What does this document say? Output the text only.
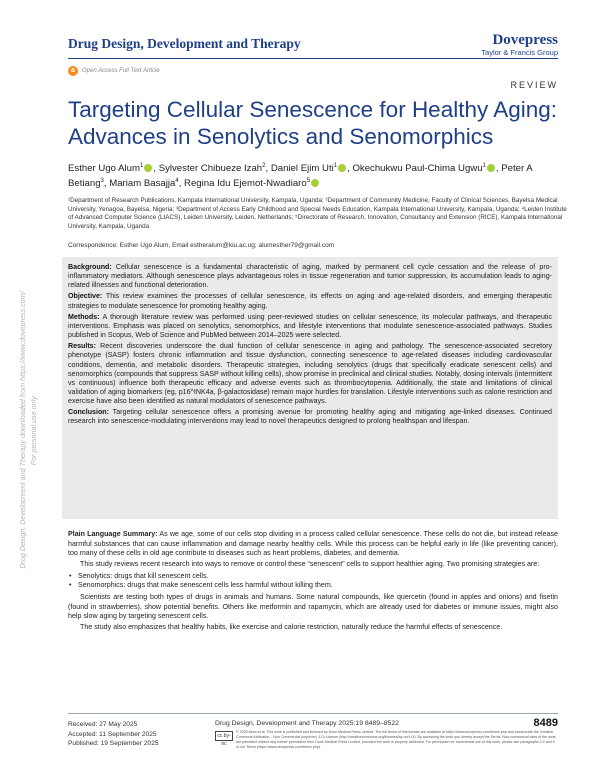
Drug Design, Development and Therapy	Dovepress
Taylor & Francis Group
a	Open Access Full Text Article
REVIEW
Targeting Cellular Senescence for Healthy Aging: Advances in Senolytics and Senomorphics
Esther Ugo Alum$^1$ , Sylvester Chibueze Izah$^2$, Daniel Ejim Uti$^1$ , Okechukwu Paul-Chima Ugwu$^1$ , Peter A Betiang$^3$, Mariam Basajja$^4$, Regina Idu Ejemot-Nwadiaro$^5$
¹Department of Research Publications, Kampala International University, Kampala, Uganda; ²Department of Community Medicine, Faculty of Clinical Sciences, Bayelsa Medical University, Yenagoa, Bayelsa, Nigeria; ³Department of Access Early Childhood and Special Needs Education, Kampala International University, Kampala, Uganda; ⁴Leiden Institute of Advanced Computer Science (LIACS), Leiden University, Leiden, Netherlands; ⁵Directorate of Research, Innovation, Consultancy and Extension (RICE), Kampala International University, Kampala, Uganda
Correspondence: Esther Ugo Alum, Email estheralum@kiu.ac.ug; alumesther79@gmail.com

Background: Cellular senescence is a fundamental characteristic of aging, marked by permanent cell cycle cessation and the release of pro-inflammatory mediators. Although senescence plays advantageous roles in tissue regeneration and tumor suppression, its accumulation leads to aging-related illnesses and functional deterioration.

Objective: This review examines the processes of cellular senescence, its effects on aging and age-related disorders, and emerging therapeutic strategies to modulate senescence for promoting healthy aging.

Methods: A thorough literature review was performed using peer-reviewed studies on cellular senescence, its molecular pathways, and therapeutic interventions. Emphasis was placed on senolytics, senomorphics, and lifestyle interventions that modulate senescence-associated pathways. Studies published in Scopus, Web of Science and PubMed between 2014–2025 were selected.

Results: Recent discoveries underscore the dual function of cellular senescence in aging and pathology. The senescence-associated secretory phenotype (SASP) fosters chronic inflammation and tissue dysfunction, connecting senescence to age-related diseases including cardiovascular conditions, dementia, and metabolic disorders. Therapeutic strategies, including senolytics (drugs that specifically eradicate senescent cells) and senomorphics (compounds that suppress SASP without killing cells), show promise in preclinical and clinical studies. Notably, dosing intervals (intermittent vs continuous) influence both therapeutic efficacy and adverse events such as thrombocytopenia. Additionally, the state and limitations of clinical validation of aging biomarkers (eg, p16^INK4a, β-galactosidase) remain major hurdles for translation. Lifestyle interventions such as calorie restriction and exercise have also been identified as natural modulators of senescence pathways.

Conclusion: Targeting cellular senescence offers a promising avenue for promoting healthy aging and mitigating age-linked diseases. Continued research into senescence-modulating interventions may lead to novel therapeutics designed to prolong healthspan and lifespan.

Plain Language Summary: As we age, some of our cells stop dividing in a process called cellular senescence. These cells do not die, but instead release harmful substances that can cause inflammation and damage nearby healthy cells. While this process can be helpful early in life (like preventing cancer), too many of these cells in old age contribute to diseases such as heart problems, diabetes, and dementia.

This study reviews recent research into ways to remove or control these “senescent” cells to support healthier aging. Two promising strategies are:

• Senolytics: drugs that kill senescent cells.
• Senomorphics: drugs that make senescent cells less harmful without killing them.

Scientists are testing both types of drugs in animals and humans. Some natural compounds, like quercetin (found in apples and onions) and fisetin (found in strawberries), show potential benefits. Others like metformin and rapamycin, which are already used for diabetes or immune issues, might also help slow aging by targeting senescent cells.

The study also emphasizes that healthy habits, like exercise and calorie restriction, naturally reduce the harmful effects of senescence.

Received: 27 May 2025
Accepted: 11 September 2025
Published: 19 September 2025
Drug Design, Development and Therapy 2025:19 8489–8522	8489
cc by-nc
© 2025 Alum et al. This work is published and licensed by Dove Medical Press Limited. The full terms of this license are available at https://www.dovepress.com/terms.php and incorporate the Creative Commons Attribution – Non Commercial (unported, 4.0) License (http://creativecommons.org/licenses/by-nc/4.0/). By accessing the work you hereby accept the Terms. Non-commercial uses of the work are permitted without any further permission from Dove Medical Press Limited, provided the work is properly attributed. For permission for commercial use of this work, please see paragraphs 4.2 and 5 of our Terms (https://www.dovepress.com/terms.php).
Drug Design, Development and Therapy downloaded from https://www.dovepress.com/ For personal use only.
